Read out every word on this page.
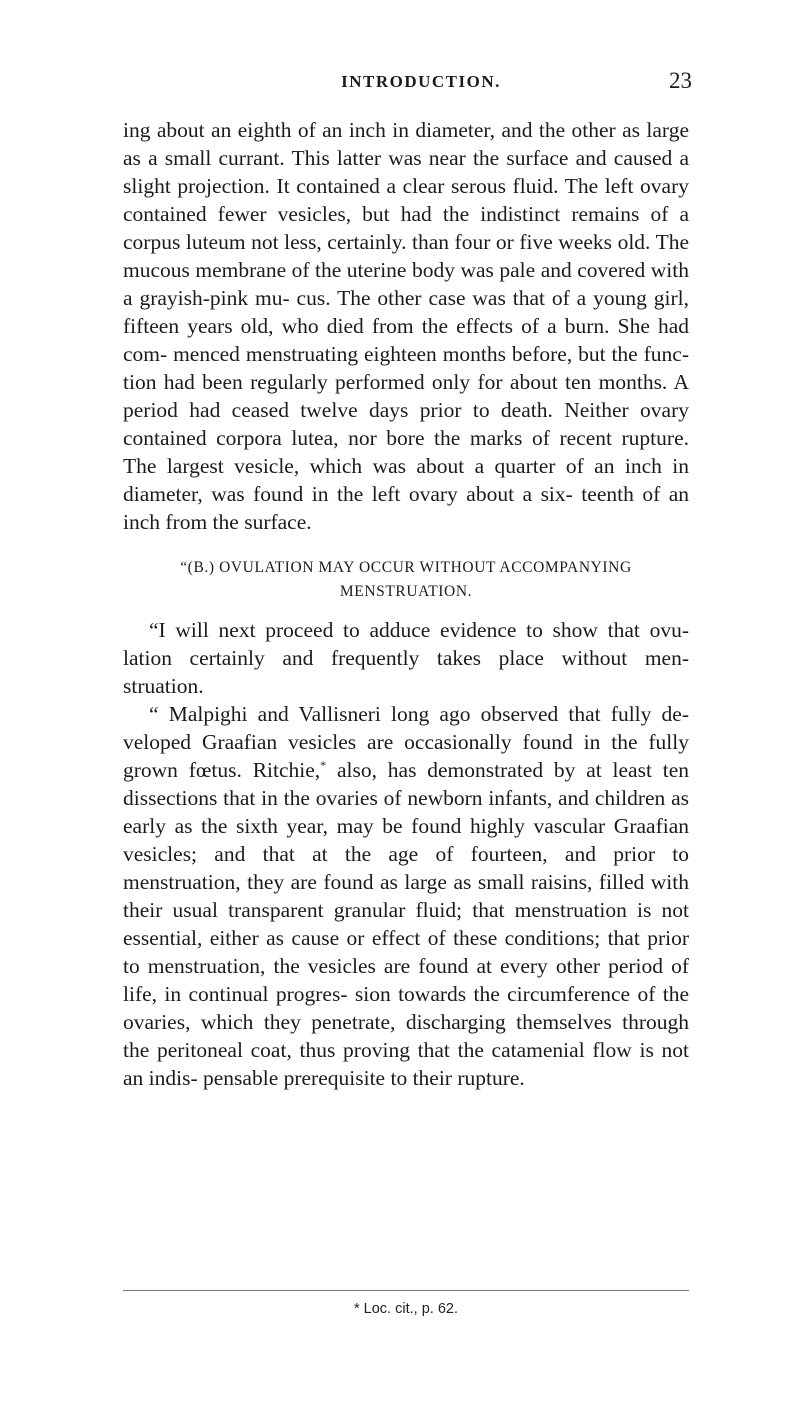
INTRODUCTION.	23

ing about an eighth of an inch in diameter, and the other as large as a small currant. This latter was near the surface and caused a slight projection. It contained a clear serous fluid. The left ovary contained fewer vesicles, but had the indistinct remains of a corpus luteum not less, certainly. than four or five weeks old. The mucous membrane of the uterine body was pale and covered with a grayish-pink mu- cus. The other case was that of a young girl, fifteen years old, who died from the effects of a burn. She had com- menced menstruating eighteen months before, but the func- tion had been regularly performed only for about ten months. A period had ceased twelve days prior to death. Neither ovary contained corpora lutea, nor bore the marks of recent rupture. The largest vesicle, which was about a quarter of an inch in diameter, was found in the left ovary about a six- teenth of an inch from the surface.

“(B.) OVULATION MAY OCCUR WITHOUT ACCOMPANYING
MENSTRUATION.

“I will next proceed to adduce evidence to show that ovu- lation certainly and frequently takes place without men- struation.

“ Malpighi and Vallisneri long ago observed that fully de- veloped Graafian vesicles are occasionally found in the fully grown fœtus. Ritchie,* also, has demonstrated by at least ten dissections that in the ovaries of newborn infants, and children as early as the sixth year, may be found highly vascular Graafian vesicles; and that at the age of fourteen, and prior to menstruation, they are found as large as small raisins, filled with their usual transparent granular fluid; that menstruation is not essential, either as cause or effect of these conditions; that prior to menstruation, the vesicles are found at every other period of life, in continual progres- sion towards the circumference of the ovaries, which they penetrate, discharging themselves through the peritoneal coat, thus proving that the catamenial flow is not an indis- pensable prerequisite to their rupture.

* Loc. cit., p. 62.
